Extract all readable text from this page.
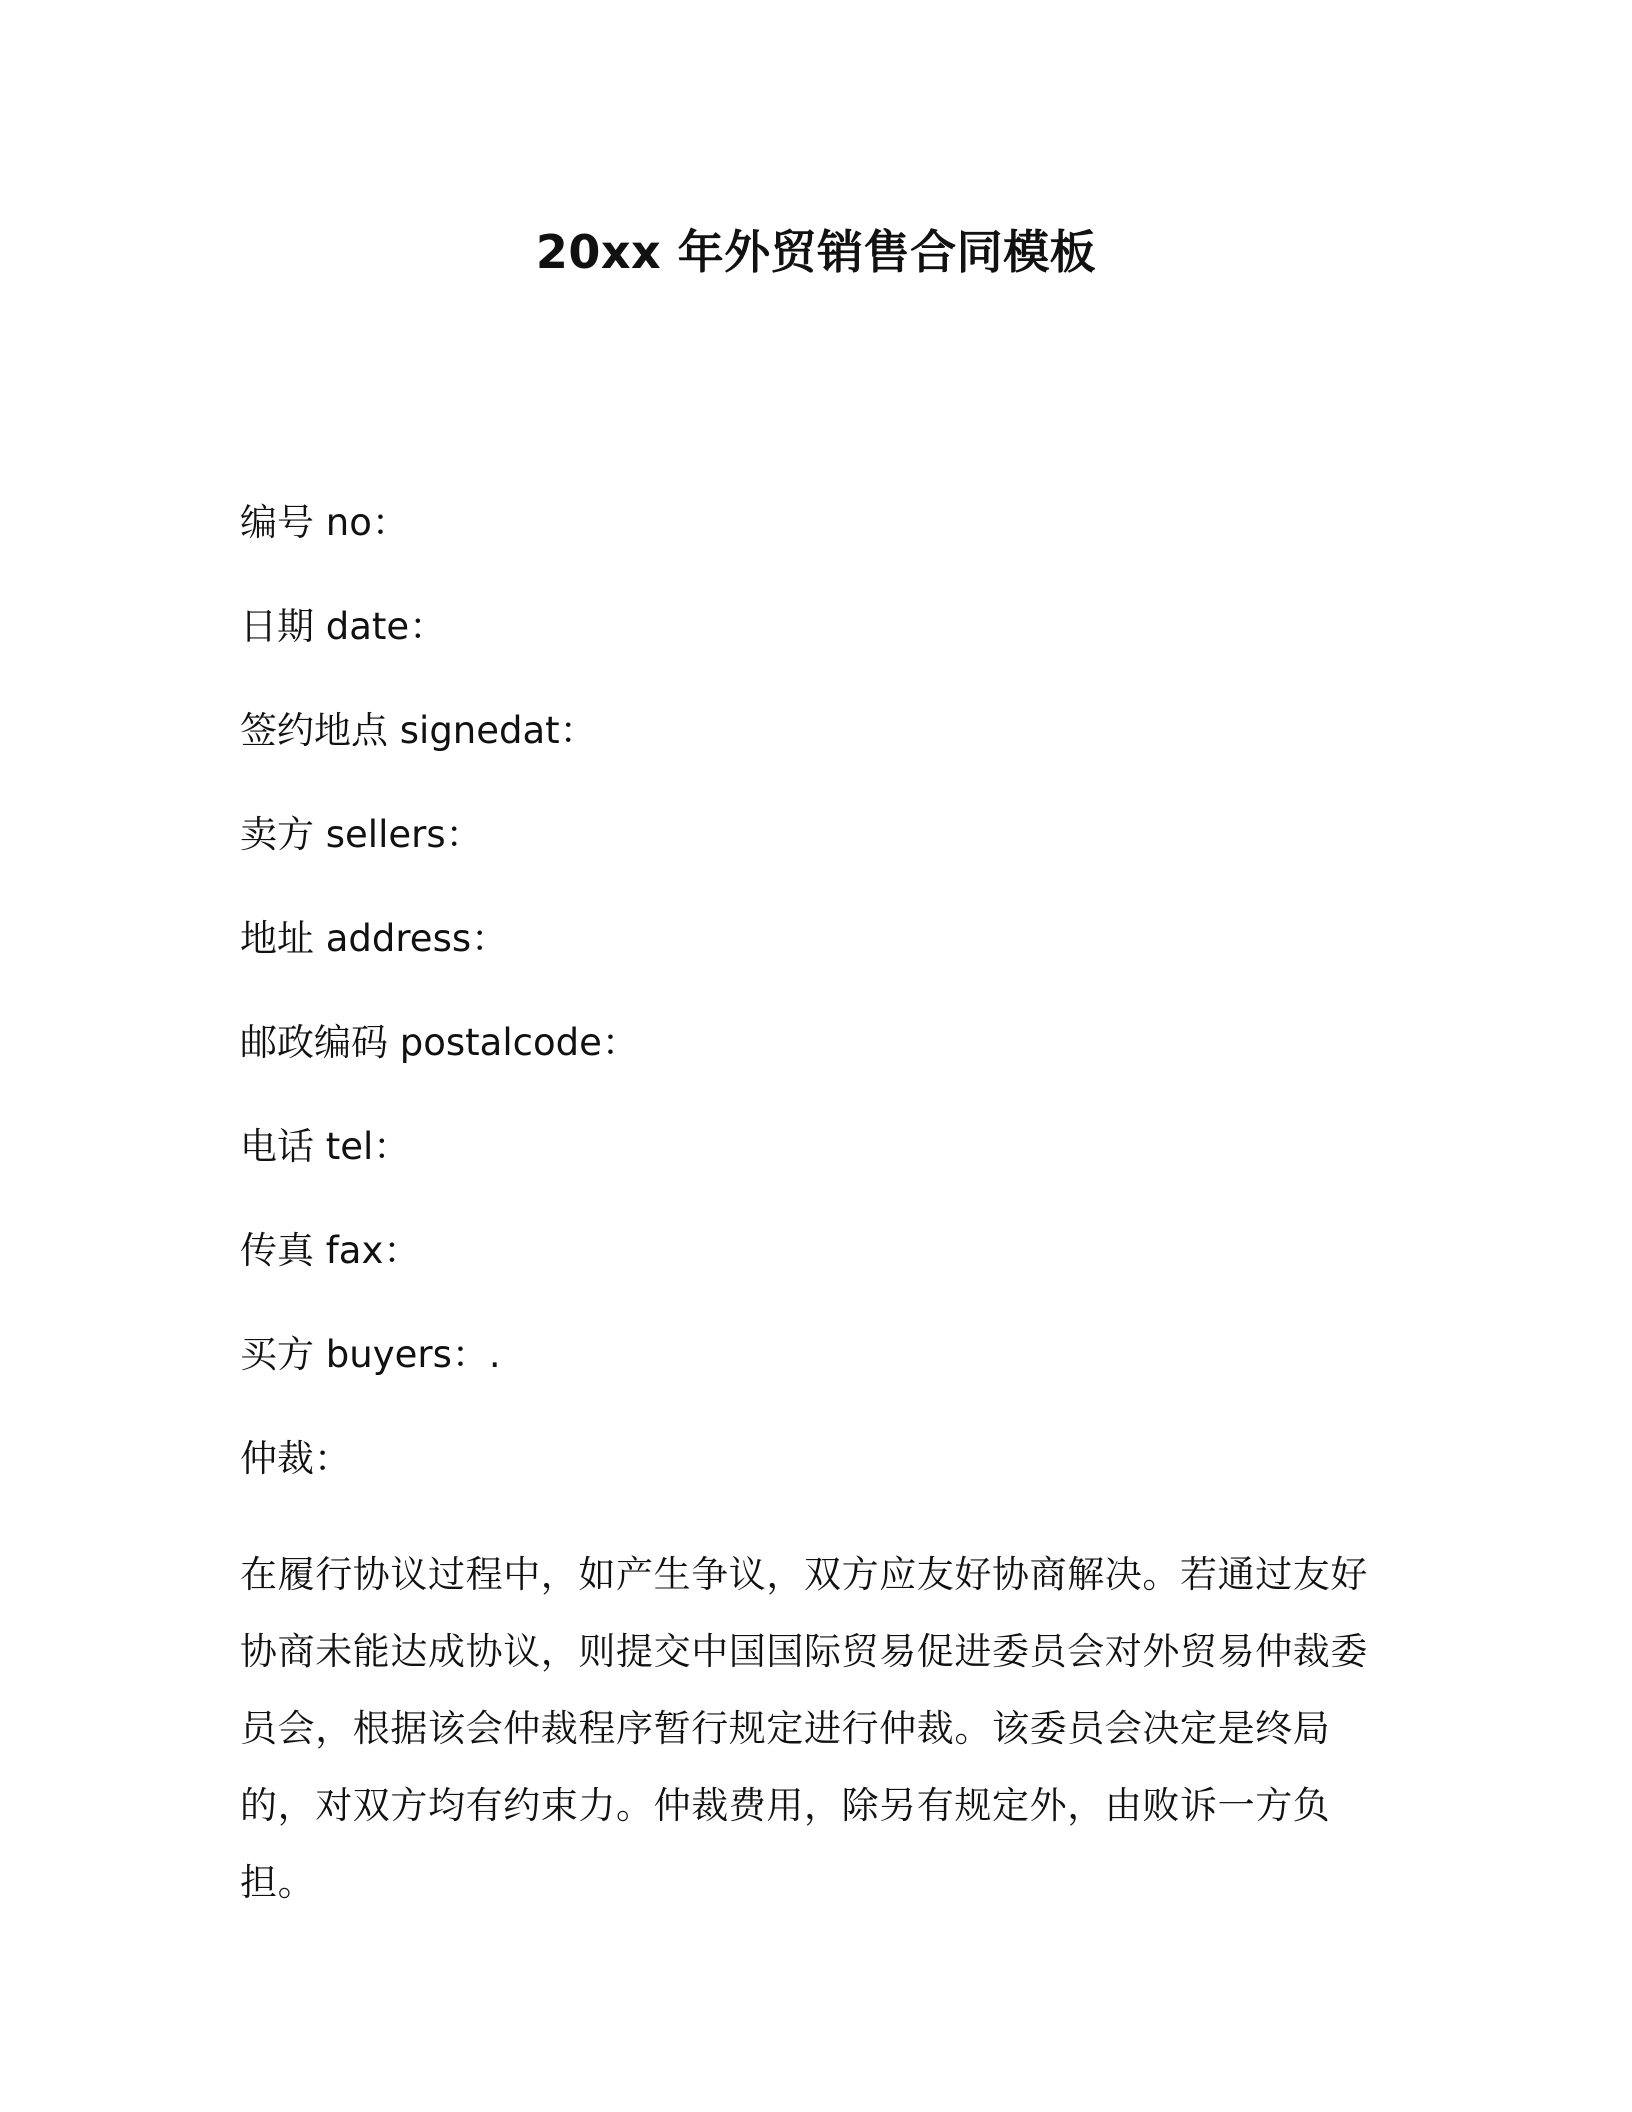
20xx 年外贸销售合同模板
编号 no：
日期 date：
签约地点 signedat：
卖方 sellers：
地址 address：
邮政编码 postalcode：
电话 tel：
传真 fax：
买方 buyers：.
仲裁：

在履行协议过程中，如产生争议，双方应友好协商解决。若通过友好协商未能达成协议，则提交中国国际贸易促进委员会对外贸易仲裁委员会，根据该会仲裁程序暂行规定进行仲裁。该委员会决定是终局的，对双方均有约束力。仲裁费用，除另有规定外，由败诉一方负担。
